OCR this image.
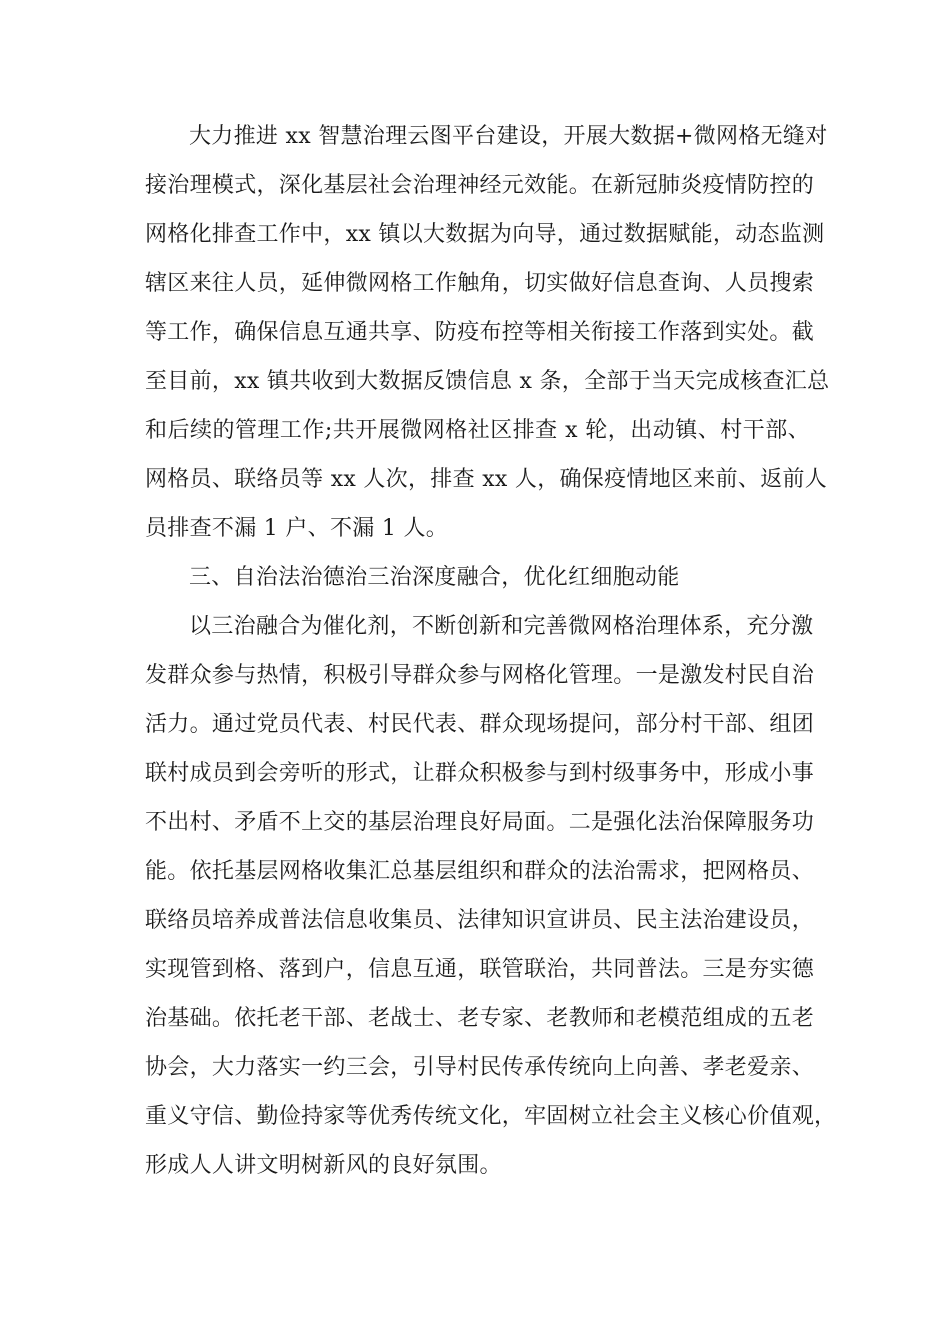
大力推进 xx 智慧治理云图平台建设，开展大数据+微网格无缝对
接治理模式，深化基层社会治理神经元效能。在新冠肺炎疫情防控的
网格化排查工作中，xx 镇以大数据为向导，通过数据赋能，动态监测
辖区来往人员，延伸微网格工作触角，切实做好信息查询、人员搜索
等工作，确保信息互通共享、防疫布控等相关衔接工作落到实处。截
至目前，xx 镇共收到大数据反馈信息 x 条，全部于当天完成核查汇总
和后续的管理工作;共开展微网格社区排查 x 轮，出动镇、村干部、
网格员、联络员等 xx 人次，排查 xx 人，确保疫情地区来前、返前人
员排查不漏 1 户、不漏 1 人。
三、自治法治德治三治深度融合，优化红细胞动能
以三治融合为催化剂，不断创新和完善微网格治理体系，充分激
发群众参与热情，积极引导群众参与网格化管理。一是激发村民自治
活力。通过党员代表、村民代表、群众现场提问，部分村干部、组团
联村成员到会旁听的形式，让群众积极参与到村级事务中，形成小事
不出村、矛盾不上交的基层治理良好局面。二是强化法治保障服务功
能。依托基层网格收集汇总基层组织和群众的法治需求，把网格员、
联络员培养成普法信息收集员、法律知识宣讲员、民主法治建设员，
实现管到格、落到户，信息互通，联管联治，共同普法。三是夯实德
治基础。依托老干部、老战士、老专家、老教师和老模范组成的五老
协会，大力落实一约三会，引导村民传承传统向上向善、孝老爱亲、
重义守信、勤俭持家等优秀传统文化，牢固树立社会主义核心价值观，
形成人人讲文明树新风的良好氛围。
